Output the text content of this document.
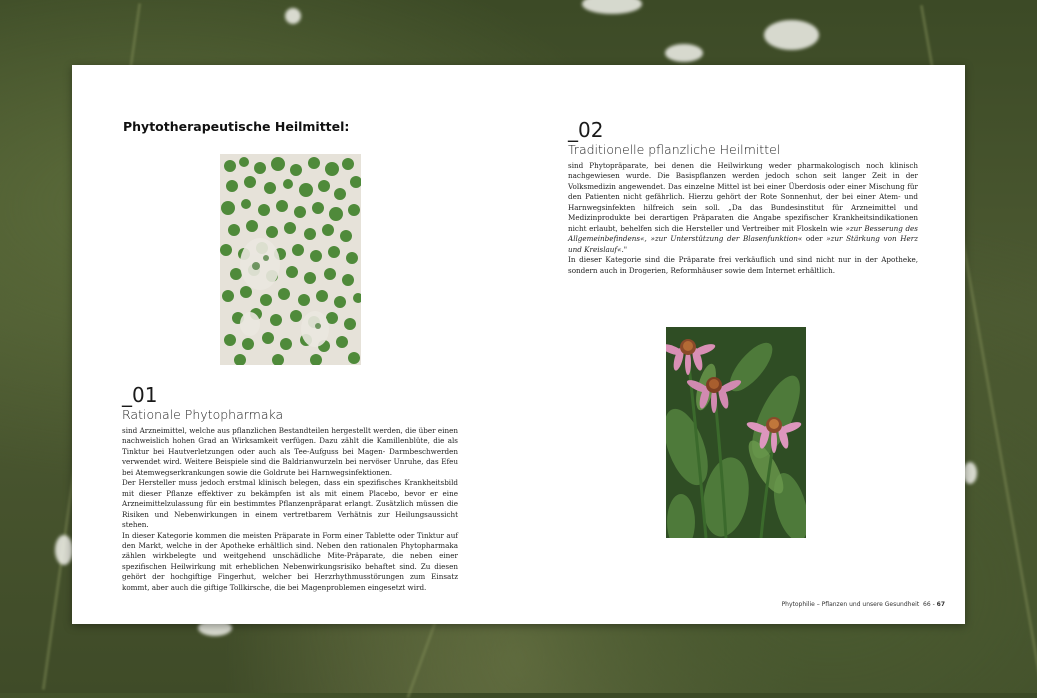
Phytotherapeutische Heilmittel:

_01

Rationale Phytopharmaka

sind Arzneimittel, welche aus pflanzlichen Bestandteilen hergestellt werden, die über einen nachweislich hohen Grad an Wirksamkeit verfügen. Dazu zählt die Kamillenblüte, die als Tinktur bei Hautverletzungen oder auch als Tee-Aufguss bei Magen- Darmbeschwerden verwendet wird. Weitere Beispiele sind die Baldrianwurzeln bei nervöser Unruhe, das Efeu bei Atemwegserkrankungen sowie die Goldrute bei Harnwegsinfektionen.

Der Hersteller muss jedoch erstmal klinisch belegen, dass ein spezifisches Krankheitsbild mit dieser Pflanze effektiver zu bekämpfen ist als mit einem Placebo, bevor er eine Arzneimittelzulassung für ein bestimmtes Pflanzenpräparat erlangt. Zusätzlich müssen die Risiken und Nebenwirkungen in einem vertretbarem Verhätnis zur Heilungsaussicht stehen.

In dieser Kategorie kommen die meisten Präparate in Form einer Tablette oder Tinktur auf den Markt, welche in der Apotheke erhältlich sind. Neben den rationalen Phytopharmaka zählen wirkbelegte und weitgehend unschädliche Mite-Präparate, die neben einer spezifischen Heilwirkung mit erheblichen Nebenwirkungsrisiko behaftet sind. Zu diesen gehört der hochgiftige Fingerhut, welcher bei Herzrhythmusstörungen zum Einsatz kommt, aber auch die giftige Tollkirsche, die bei Magenproblemen eingesetzt wird.

_02

Traditionelle pflanzliche Heilmittel

sind Phytopräparate, bei denen die Heilwirkung weder pharmakologisch noch klinisch nachgewiesen wurde. Die Basispflanzen werden jedoch schon seit langer Zeit in der Volksmedizin angewendet. Das einzelne Mittel ist bei einer Überdosis oder einer Mischung für den Patienten nicht gefährlich. Hierzu gehört der Rote Sonnenhut, der bei einer Atem- und Harnwegsinfekten hilfreich sein soll. „Da das Bundesinstitut für Arzneimittel und Medizinprodukte bei derartigen Präparaten die Angabe spezifischer Krankheitsindikationen nicht erlaubt, behelfen sich die Hersteller und Vertreiber mit Floskeln wie »zur Besserung des Allgemeinbefindens«, »zur Unterstützung der Blasenfunktion« oder »zur Stärkung von Herz und Kreislauf«."

In dieser Kategorie sind die Präparate frei verkäuflich und sind nicht nur in der Apotheke, sondern auch in Drogerien, Reformhäuser sowie dem Internet erhältlich.

Phytophilie – Pflanzen und unsere Gesundheit 66 - 67
